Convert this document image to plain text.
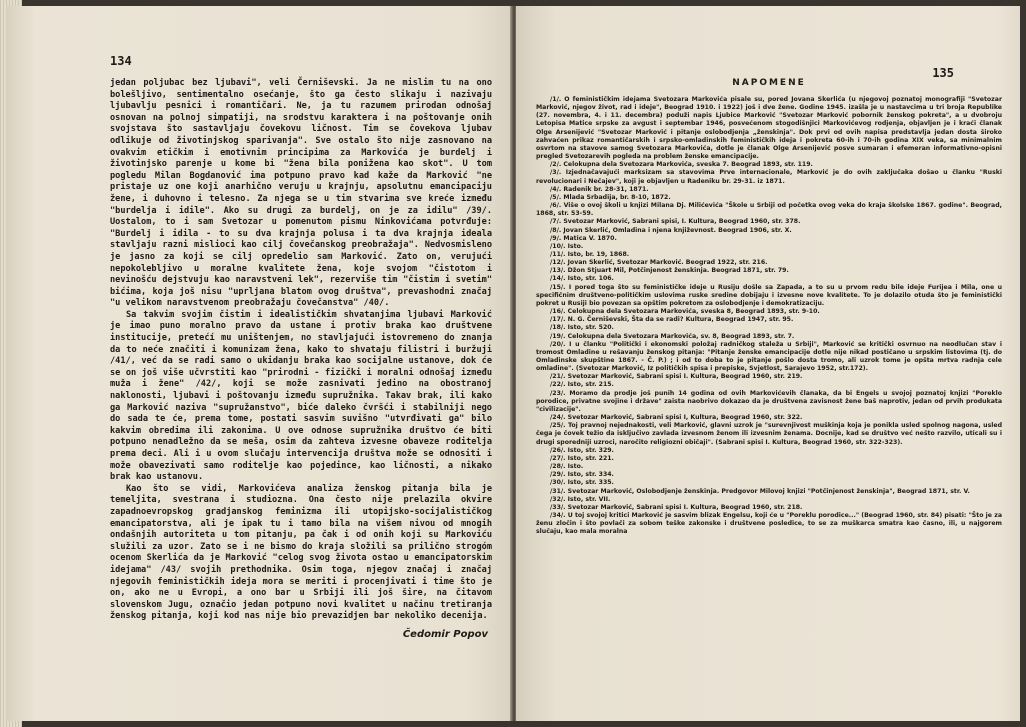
134

jedan poljubac bez ljubavi", veli Černiševski. Ja ne mislim tu na ono bolešljivo, sentimentalno osećanje, što ga često slikaju i nazivaju ljubavlju pesnici i romantičari. Ne, ja tu razumem prirodan odnošaj osnovan na polnoj simpatiji, na srodstvu karaktera i na poštovanje onih svojstava što sastavljaju čovekovu ličnost. Tim se čovekova ljubav odlikuje od životinjskog sparivanja". Sve ostalo što nije zasnovano na ovakvim etičkim i emotivnim principima za Markovića je burdelj i životinjsko parenje u kome bi "žena bila ponižena kao skot". U tom pogledu Milan Bogdanović ima potpuno pravo kad kaže da Marković "ne pristaje uz one koji anarhično veruju u krajnju, apsolutnu emancipaciju žene, i duhovno i telesno. Za njega se u tim stvarima sve kreće između "burdelja i idile". Ako su drugi za burdelj, on je za idilu" /39/. Uostalom, to i sam Svetozar u pomenutom pismu Ninkovićama potvrđuje: "Burdelj i idila - to su dva krajnja polusa i ta dva krajnja ideala stavljaju razni mislioci kao cilj čovečanskog preobražaja". Nedvosmisleno je jasno za koji se cilj opredelio sam Marković. Zato on, verujući nepokolebljivo u moralne kvalitete žena, koje svojom "čistotom i nevinošću dejstvuju kao naravstveni lek", rezerviše tim "čistim i svetim" bićima, koja još nisu "uprljana blatom ovog društva", prevashodni značaj "u velikom naravstvenom preobražaju čovečanstva" /40/.

Sa takvim svojim čistim i idealističkim shvatanjima ljubavi Marković je imao puno moralno pravo da ustane i protiv braka kao društvene institucije, pretećí mu uništenjem, no stavljajući istovremeno do znanja da to neće značiti i komunizam žena, kako to shvataju filistri i buržuji /41/, već da se radi samo o ukidanju braka kao socijalne ustanove, dok će se on još više učvrstiti kao "prirodni - fizički i moralni odnošaj između muža i žene" /42/, koji se može zasnivati jedino na obostranoj naklonosti, ljubavi i poštovanju između supružnika. Takav brak, ili kako ga Marković naziva "supružanstvo", biće daleko čvršći i stabilniji nego do sada te će, prema tome, postati sasvim suvišno "utvrđivati ga" bilo kakvim obredima ili zakonima. U ove odnose supružnika društvo će biti potpuno nenadležno da se meša, osim da zahteva izvesne obaveze roditelja prema deci. Ali i u ovom slučaju intervencija društva može se odnositi i može obavezivati samo roditelje kao pojedince, kao ličnosti, a nikako brak kao ustanovu.

Kao što se vidi, Markovićeva analiza ženskog pitanja bila je temeljita, svestrana i studiozna. Ona često nije prelazila okvire zapadnoevropskog gradjanskog feminizma ili utopijsko-socijalističkog emancipatorstva, ali je ipak tu i tamo bila na višem nivou od mnogih ondašnjih autoriteta u tom pitanju, pa čak i od onih koji su Markoviću služili za uzor. Zato se i ne bismo do kraja složili sa prilično strogóm ocenom Skerlića da je Marković "celog svog života ostao u emancipatorskim idejama" /43/ svojih prethodnika. Osim toga, njegov značaj i značaj njegovih feminističkih ideja mora se meriti i procenjivati i time što je on, ako ne u Evropi, a ono bar u Srbiji ili još šire, na čitavom slovenskom Jugu, označio jedan potpuno novi kvalitet u načinu tretiranja ženskog pitanja, koji kod nas nije bio prevazidjen bar nekoliko decenija.

Čedomir Popov
135
NAPOMENE
/1/. O feminističkim idejama Svetozara Markovića pisale su, pored Jovana Skerlića (u njegovoj poznatoj monografiji "Svetozar Marković, njegov život, rad i ideje", Beograd 1910. i 1922) još i dve žene. Godine 1945. izašla je u nastavcima u tri broja Republike (27. novembra, 4. i 11. decembra) poduži napis Ljubice Marković "Svetozar Marković pobornik ženskog pokreta", a u dvobroju Letopisa Matice srpske za avgust i septembar 1946, posvećenom stogodišnjici Markovićevog rodjenja, objavljen je i kraći članak Olge Arsenijević "Svetozar Marković i pitanje oslobodjenja „ženskinja". Dok prvi od ovih napisa predstavlja jedan dosta široko zahvaćen prikaz romantičarskih i srpsko-omladinskih feminističkih ideja i pokreta 60-ih i 70-ih godina XIX veka, sa minimalnim osvrtom na stavove samog Svetozara Markovića, dotle je članak Olge Arsenijević posve sumaran i efemeran informativno-opisni pregled Svetozarevih pogleda na problem ženske emancipacije.
/2/. Celokupna dela Svetozara Markovića, sveska 7. Beograd 1893, str. 119.
/3/. Izjednačavajući marksizam sa stavovima Prve internacionale, Marković je do ovih zaključaka došao u članku "Ruski revolucionari i Nečajev", koji je objavljen u Radeniku br. 29-31. iz 1871.
/4/. Radenik br. 28-31, 1871.
/5/. Mlada Srbadija, br. 8-10, 1872.
/6/. Više o ovoj školi u knjizi Milana Dj. Milićevića "Škole u Srbiji od početka ovog veka do kraja školske 1867. godine". Beograd, 1868, str. 53-59.
/7/. Svetozar Marković, Sabrani spisi, I. Kultura, Beograd 1960, str. 378.
/8/. Jovan Skerlić, Omladina i njena književnost. Beograd 1906, str. X.
/9/. Matica V. 1870.
/10/. Isto.
/11/. Isto, br. 19, 1868.
/12/. Jovan Skerlić, Svetozar Marković. Beograd 1922, str. 216.
/13/. Džon Stjuart Mil, Potčinjenost ženskinja. Beograd 1871, str. 79.
/14/. Isto, str. 106.
/15/. I pored toga što su feminističke ideje u Rusiju došle sa Zapada, a to su u prvom redu bile ideje Furijea i Mila, one u specifičnim društveno-političkim uslovima ruske sredine dobijaju i izvesne nove kvalitete. To je dolazilo otuda što je feministički pokret u Rusiji bio povezan sa opštim pokretom za oslobodjenje i demokratizaciju.
/16/. Celokupna dela Svetozara Markovića, sveska 8, Beograd 1893, str. 9-10.
/17/. N. G. Černiševski, Šta da se radi? Kultura, Beograd 1947, str. 95.
/18/. Isto, str. 520.
/19/. Celokupna dela Svetozara Markovića, sv. 8, Beograd 1893, str. 7.
/20/. I u članku "Politički i ekonomski položaj radničkog staleža u Srbiji", Marković se kritički osvrnuo na neodlučan stav i tromost Omladine u rešavanju ženskog pitanja: "Pitanje ženske emancipacije dotle nije nikad postičano u srpskim listovima (tj. do Omladinske skupštine 1867. - Č. P.) ; i od to doba to je pitanje pošlo dosta tromo, ali uzrok tome je opšta mrtva radnja cele omladine". (Svetozar Marković, Iz političkih spisa i prepiske, Svjetlost, Sarajevo 1952, str.172).
/21/. Svetozar Marković, Sabrani spisi I. Kultura, Beograd 1960, str. 219.
/22/. Isto, str. 215.
/23/. Moramo da prodje još punih 14 godina od ovih Markovićevih članaka, da bi Engels u svojoj poznatoj knjizi "Poreklo porodice, privatne svojine i države" zaista naobrivo dokazao da je društvena zavisnost žene baš naprotiv, jedan od prvih produkata "civilizacije".
/24/. Svetozar Marković, Sabrani spisi I, Kultura, Beograd 1960, str. 322.
/25/. Toj pravnoj nejednakosti, veli Marković, glavni uzrok je "surevnjivost muškinja koja je ponikla usled spolnog nagona, usled čega je čovek težio da isključivo zavlada izvesnom ženom ili izvesnim ženama. Docnije, kad se društvo već nešto razvilo, uticali su i drugi sporedniji uzroci, naročito religiozni običaji". (Sabrani spisi I. Kultura, Beograd 1960, str. 322-323).
/26/. Isto, str. 329.
/27/. Isto, str. 221.
/28/. Isto.
/29/. Isto, str. 334.
/30/. Isto, str. 335.
/31/. Svetozar Marković, Oslobodjenje ženskinja. Predgovor Milovoj knjizi "Potčinjenost ženskinja", Beograd 1871, str. V.
/32/. Isto, str. VII.
/33/. Svetozar Marković, Sabrani spisi I. Kultura, Beograd 1960, str. 218.
/34/. U toj svojoj kritici Marković je sasvim blizak Engelsu, koji će u "Poreklu porodice..." (Beograd 1960, str. 84) pisati: "Što je za ženu zločin i što povlači za sobom teške zakonske i društvene posledice, to se za muškarca smatra kao časno, ili, u najgorem slučaju, kao mala moralna
